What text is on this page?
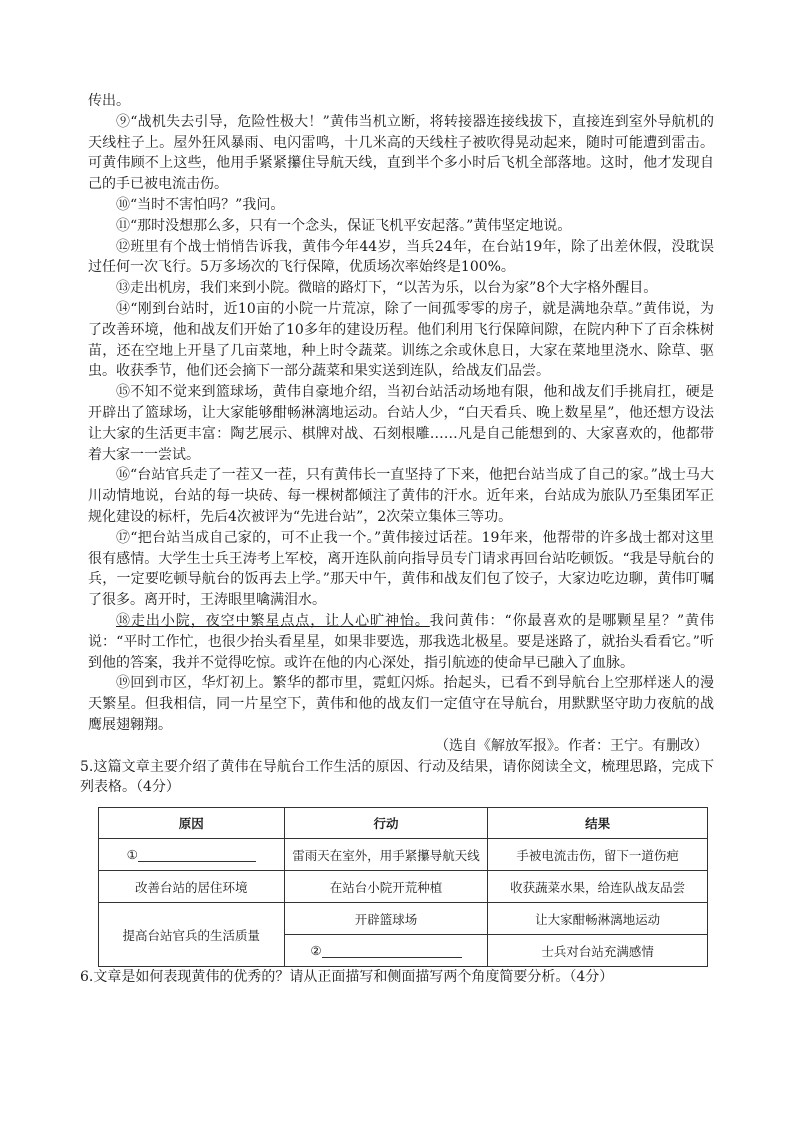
传出。

⑨“战机失去引导，危险性极大！”黄伟当机立断，将转接器连接线拔下，直接连到室外导航机的天线柱子上。屋外狂风暴雨、电闪雷鸣，十几米高的天线柱子被吹得晃动起来，随时可能遭到雷击。可黄伟顾不上这些，他用手紧紧攥住导航天线，直到半个多小时后飞机全部落地。这时，他才发现自己的手已被电流击伤。

⑩“当时不害怕吗？”我问。

⑪“那时没想那么多，只有一个念头，保证飞机平安起落。”黄伟坚定地说。

⑫班里有个战士悄悄告诉我，黄伟今年44岁，当兵24年，在台站19年，除了出差休假，没耽误过任何一次飞行。5万多场次的飞行保障，优质场次率始终是100%。

⑬走出机房，我们来到小院。微暗的路灯下，“以苦为乐，以台为家”8个大字格外醒目。

⑭“刚到台站时，近10亩的小院一片荒凉，除了一间孤零零的房子，就是满地杂草。”黄伟说，为了改善环境，他和战友们开始了10多年的建设历程。他们利用飞行保障间隙，在院内种下了百余株树苗，还在空地上开垦了几亩菜地，种上时令蔬菜。训练之余或休息日，大家在菜地里浇水、除草、驱虫。收获季节，他们还会摘下一部分蔬菜和果实送到连队，给战友们品尝。

⑮不知不觉来到篮球场，黄伟自豪地介绍，当初台站活动场地有限，他和战友们手挑肩扛，硬是开辟出了篮球场，让大家能够酣畅淋漓地运动。台站人少，“白天看兵、晚上数星星”，他还想方设法让大家的生活更丰富：陶艺展示、棋牌对战、石刻根雕……凡是自己能想到的、大家喜欢的，他都带着大家一一尝试。

⑯“台站官兵走了一茬又一茬，只有黄伟长一直坚持了下来，他把台站当成了自己的家。”战士马大川动情地说，台站的每一块砖、每一棵树都倾注了黄伟的汗水。近年来，台站成为旅队乃至集团军正规化建设的标杆，先后4次被评为“先进台站”，2次荣立集体三等功。

⑰“把台站当成自己家的，可不止我一个。”黄伟接过话茬。19年来，他帮带的许多战士都对这里很有感情。大学生士兵王涛考上军校，离开连队前向指导员专门请求再回台站吃顿饭。“我是导航台的兵，一定要吃顿导航台的饭再去上学。”那天中午，黄伟和战友们包了饺子，大家边吃边聊，黄伟叮嘱了很多。离开时，王涛眼里噙满泪水。

⑱走出小院，夜空中繁星点点，让人心旷神怡。我问黄伟：“你最喜欢的是哪颗星星？”黄伟说：“平时工作忙，也很少抬头看星星，如果非要选，那我选北极星。要是迷路了，就抬头看看它。”听到他的答案，我并不觉得吃惊。或许在他的内心深处，指引航迹的使命早已融入了血脉。

⑲回到市区，华灯初上。繁华的都市里，霓虹闪烁。抬起头，已看不到导航台上空那样迷人的漫天繁星。但我相信，同一片星空下，黄伟和他的战友们一定值守在导航台，用默默坚守助力夜航的战鹰展翅翱翔。

（选自《解放军报》。作者：王宁。有删改）

5.这篇文章主要介绍了黄伟在导航台工作生活的原因、行动及结果，请你阅读全文，梳理思路，完成下列表格。（4分）

原因	行动	结果
①	雷雨天在室外，用手紧攥导航天线	手被电流击伤，留下一道伤疤
改善台站的居住环境	在站台小院开荒种植	收获蔬菜水果，给连队战友品尝
提高台站官兵的生活质量	开辟篮球场	让大家酣畅淋漓地运动
	②	士兵对台站充满感情

6.文章是如何表现黄伟的优秀的？请从正面描写和侧面描写两个角度简要分析。（4分）
